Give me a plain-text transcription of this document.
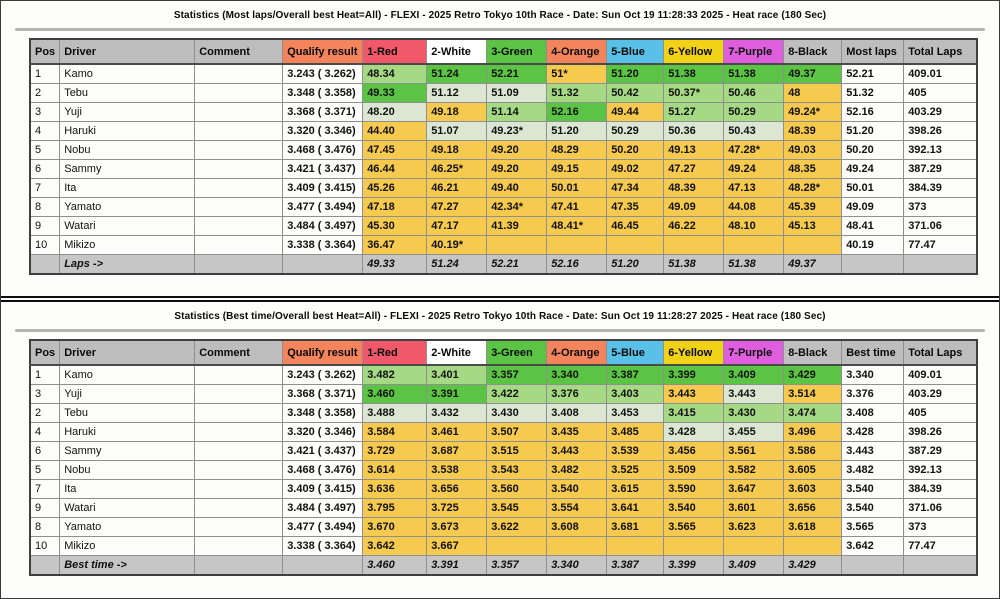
Statistics (Most laps/Overall best Heat=All) - FLEXI - 2025 Retro Tokyo 10th Race - Date: Sun Oct 19 11:28:33 2025 - Heat race (180 Sec)
Pos	Driver	Comment	Qualify result	1-Red	2-White	3-Green	4-Orange	5-Blue	6-Yellow	7-Purple	8-Black	Most laps	Total Laps
1	Kamo		3.243 ( 3.262)	48.34	51.24	52.21	51*	51.20	51.38	51.38	49.37	52.21	409.01
2	Tebu		3.348 ( 3.358)	49.33	51.12	51.09	51.32	50.42	50.37*	50.46	48	51.32	405
3	Yuji		3.368 ( 3.371)	48.20	49.18	51.14	52.16	49.44	51.27	50.29	49.24*	52.16	403.29
4	Haruki		3.320 ( 3.346)	44.40	51.07	49.23*	51.20	50.29	50.36	50.43	48.39	51.20	398.26
5	Nobu		3.468 ( 3.476)	47.45	49.18	49.20	48.29	50.20	49.13	47.28*	49.03	50.20	392.13
6	Sammy		3.421 ( 3.437)	46.44	46.25*	49.20	49.15	49.02	47.27	49.24	48.35	49.24	387.29
7	Ita		3.409 ( 3.415)	45.26	46.21	49.40	50.01	47.34	48.39	47.13	48.28*	50.01	384.39
8	Yamato		3.477 ( 3.494)	47.18	47.27	42.34*	47.41	47.35	49.09	44.08	45.39	49.09	373
9	Watari		3.484 ( 3.497)	45.30	47.17	41.39	48.41*	46.45	46.22	48.10	45.13	48.41	371.06
10	Mikizo		3.338 ( 3.364)	36.47	40.19*							40.19	77.47
	Laps ->			49.33	51.24	52.21	52.16	51.20	51.38	51.38	49.37		
Statistics (Best time/Overall best Heat=All) - FLEXI - 2025 Retro Tokyo 10th Race - Date: Sun Oct 19 11:28:27 2025 - Heat race (180 Sec)
Pos	Driver	Comment	Qualify result	1-Red	2-White	3-Green	4-Orange	5-Blue	6-Yellow	7-Purple	8-Black	Best time	Total Laps
1	Kamo		3.243 ( 3.262)	3.482	3.401	3.357	3.340	3.387	3.399	3.409	3.429	3.340	409.01
3	Yuji		3.368 ( 3.371)	3.460	3.391	3.422	3.376	3.403	3.443	3.443	3.514	3.376	403.29
2	Tebu		3.348 ( 3.358)	3.488	3.432	3.430	3.408	3.453	3.415	3.430	3.474	3.408	405
4	Haruki		3.320 ( 3.346)	3.584	3.461	3.507	3.435	3.485	3.428	3.455	3.496	3.428	398.26
6	Sammy		3.421 ( 3.437)	3.729	3.687	3.515	3.443	3.539	3.456	3.561	3.586	3.443	387.29
5	Nobu		3.468 ( 3.476)	3.614	3.538	3.543	3.482	3.525	3.509	3.582	3.605	3.482	392.13
7	Ita		3.409 ( 3.415)	3.636	3.656	3.560	3.540	3.615	3.590	3.647	3.603	3.540	384.39
9	Watari		3.484 ( 3.497)	3.795	3.725	3.545	3.554	3.641	3.540	3.601	3.656	3.540	371.06
8	Yamato		3.477 ( 3.494)	3.670	3.673	3.622	3.608	3.681	3.565	3.623	3.618	3.565	373
10	Mikizo		3.338 ( 3.364)	3.642	3.667							3.642	77.47
	Best time ->			3.460	3.391	3.357	3.340	3.387	3.399	3.409	3.429		
